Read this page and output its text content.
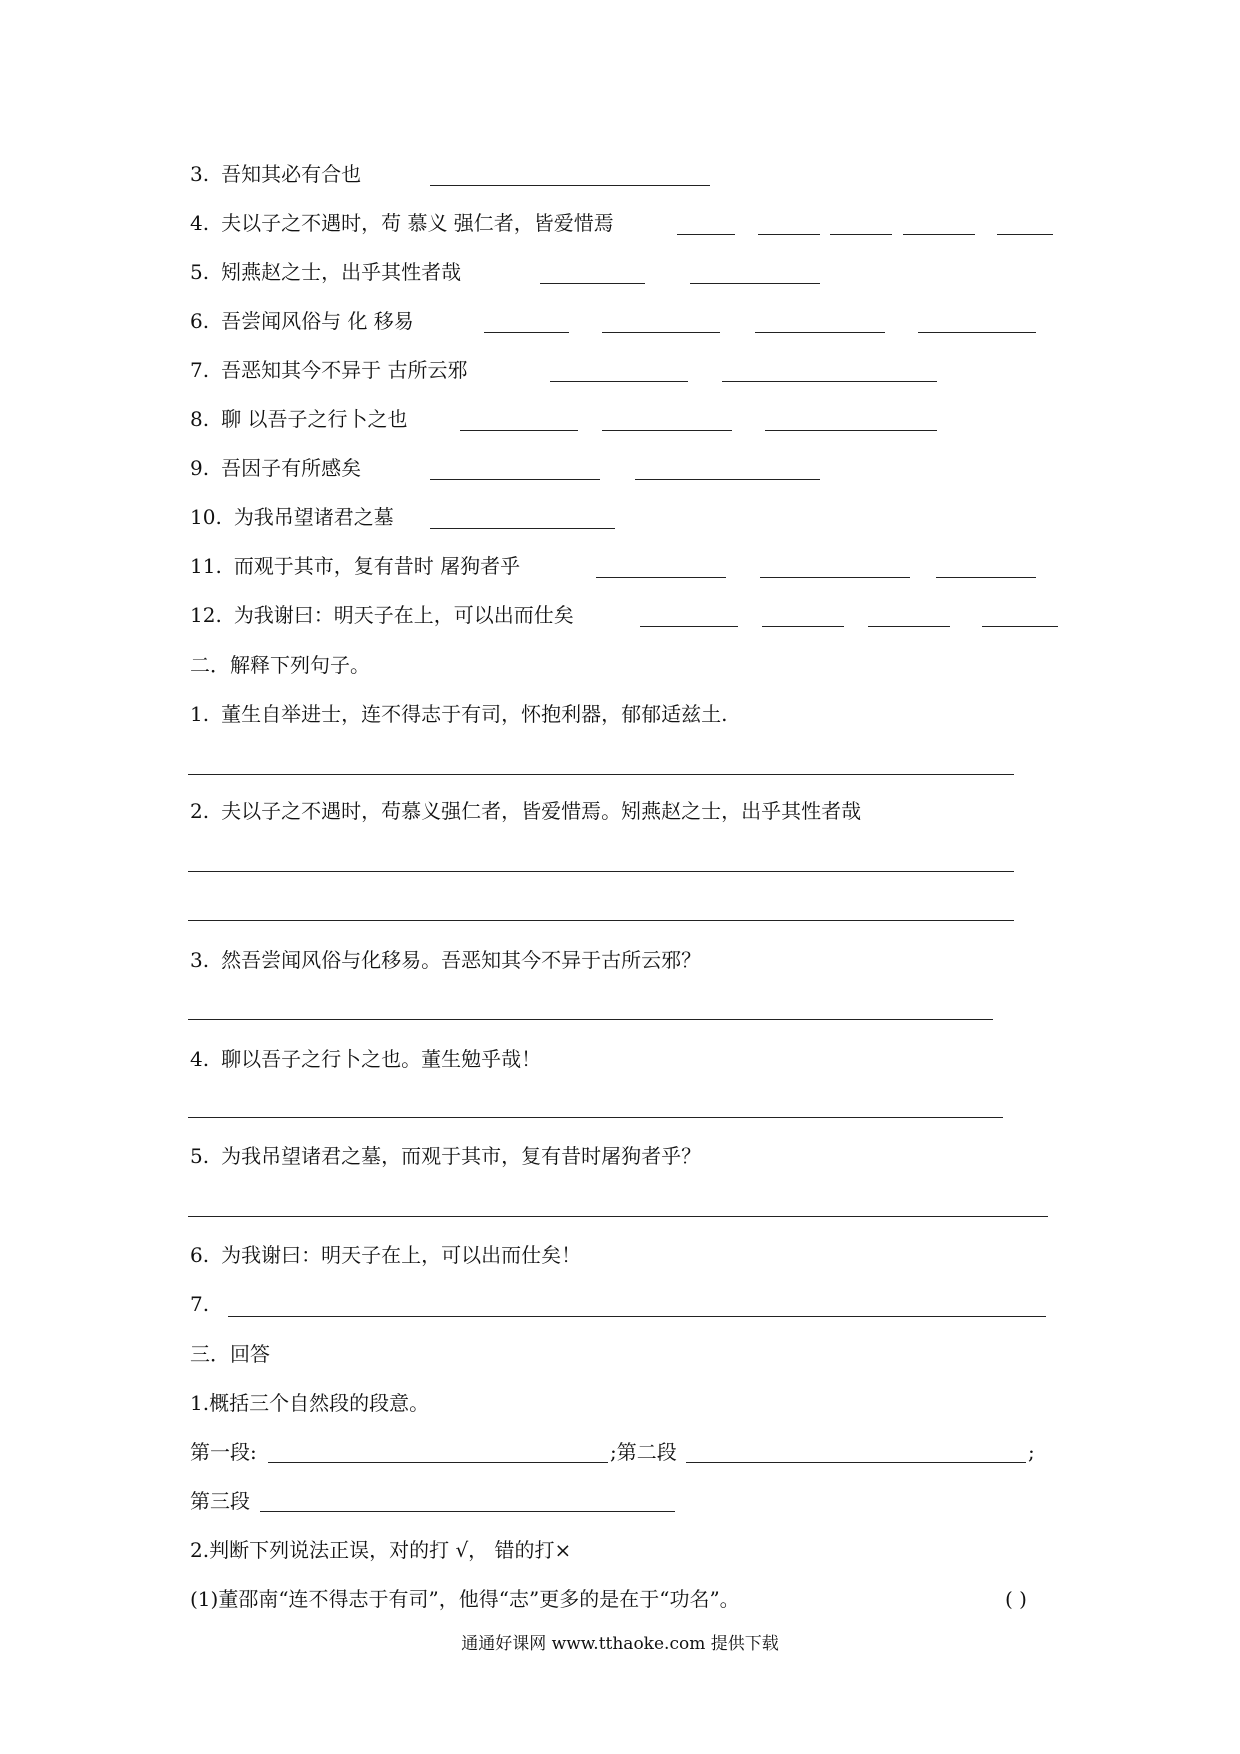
3. 吾知其必有合也
4. 夫以子之不遇时，苟 慕义 强仁者，皆爱惜焉
5. 矧燕赵之士，出乎其性者哉
6. 吾尝闻风俗与 化 移易
7. 吾恶知其今不异于 古所云邪
8. 聊 以吾子之行卜之也
9. 吾因子有所感矣
10. 为我吊望诸君之墓
11. 而观于其市，复有昔时 屠狗者乎
12. 为我谢曰：明天子在上，可以出而仕矣
二．解释下列句子。
1. 董生自举进士，连不得志于有司，怀抱利器，郁郁适兹土.
2. 夫以子之不遇时，苟慕义强仁者，皆爱惜焉。矧燕赵之士，出乎其性者哉
3. 然吾尝闻风俗与化移易。吾恶知其今不异于古所云邪？
4. 聊以吾子之行卜之也。董生勉乎哉！
5. 为我吊望诸君之墓，而观于其市，复有昔时屠狗者乎？
6. 为我谢曰：明天子在上，可以出而仕矣！
7.
三．回答
1.概括三个自然段的段意。
第一段:	;第二段	;
第三段
2.判断下列说法正误，对的打 √， 错的打×
(1)董邵南“连不得志于有司”，他得“志”更多的是在于“功名”。	( )
通通好课网 www.tthaoke.com 提供下载
